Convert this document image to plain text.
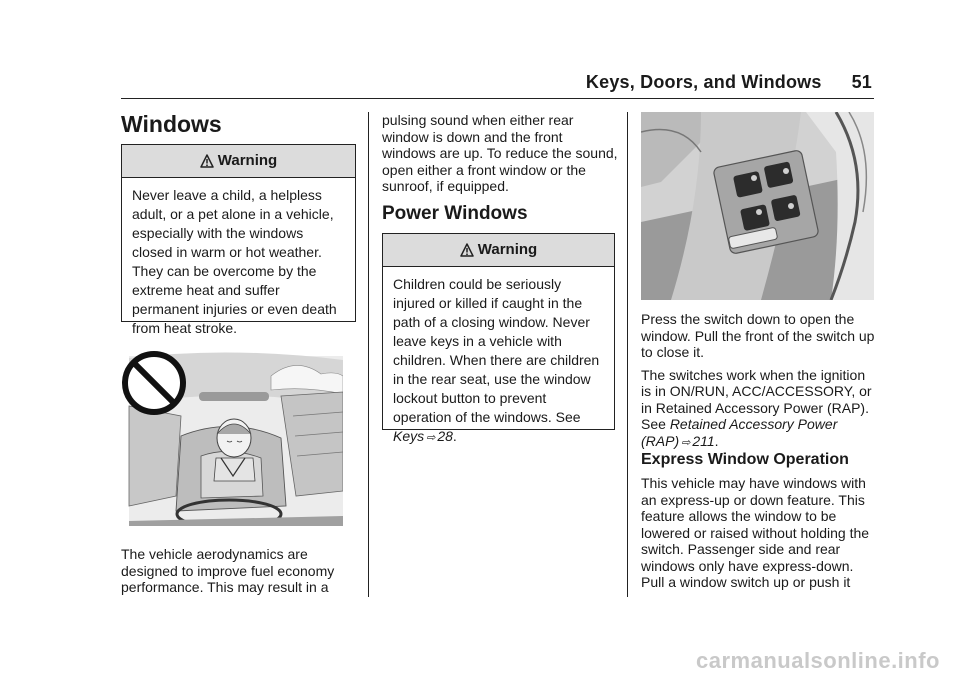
Keys, Doors, and Windows 51
Windows
Warning
Never leave a child, a helpless adult, or a pet alone in a vehicle, especially with the windows closed in warm or hot weather. They can be overcome by the extreme heat and suffer permanent injuries or even death from heat stroke.
The vehicle aerodynamics are designed to improve fuel economy performance. This may result in a
pulsing sound when either rear window is down and the front windows are up. To reduce the sound, open either a front window or the sunroof, if equipped.
Power Windows
Warning
Children could be seriously injured or killed if caught in the path of a closing window. Never leave keys in a vehicle with children. When there are children in the rear seat, use the window lockout button to prevent operation of the windows. See
Keys ⇨ 28.

Press the switch down to open the window. Pull the front of the switch up to close it.

The switches work when the ignition is in ON/RUN, ACC/ACCESSORY, or in Retained Accessory Power (RAP). See Retained Accessory Power (RAP) ⇨ 211.

Express Window Operation
This vehicle may have windows with an express-up or down feature. This feature allows the window to be lowered or raised without holding the switch. Passenger side and rear windows only have express-down. Pull a window switch up or push it
carmanualsonline.info
